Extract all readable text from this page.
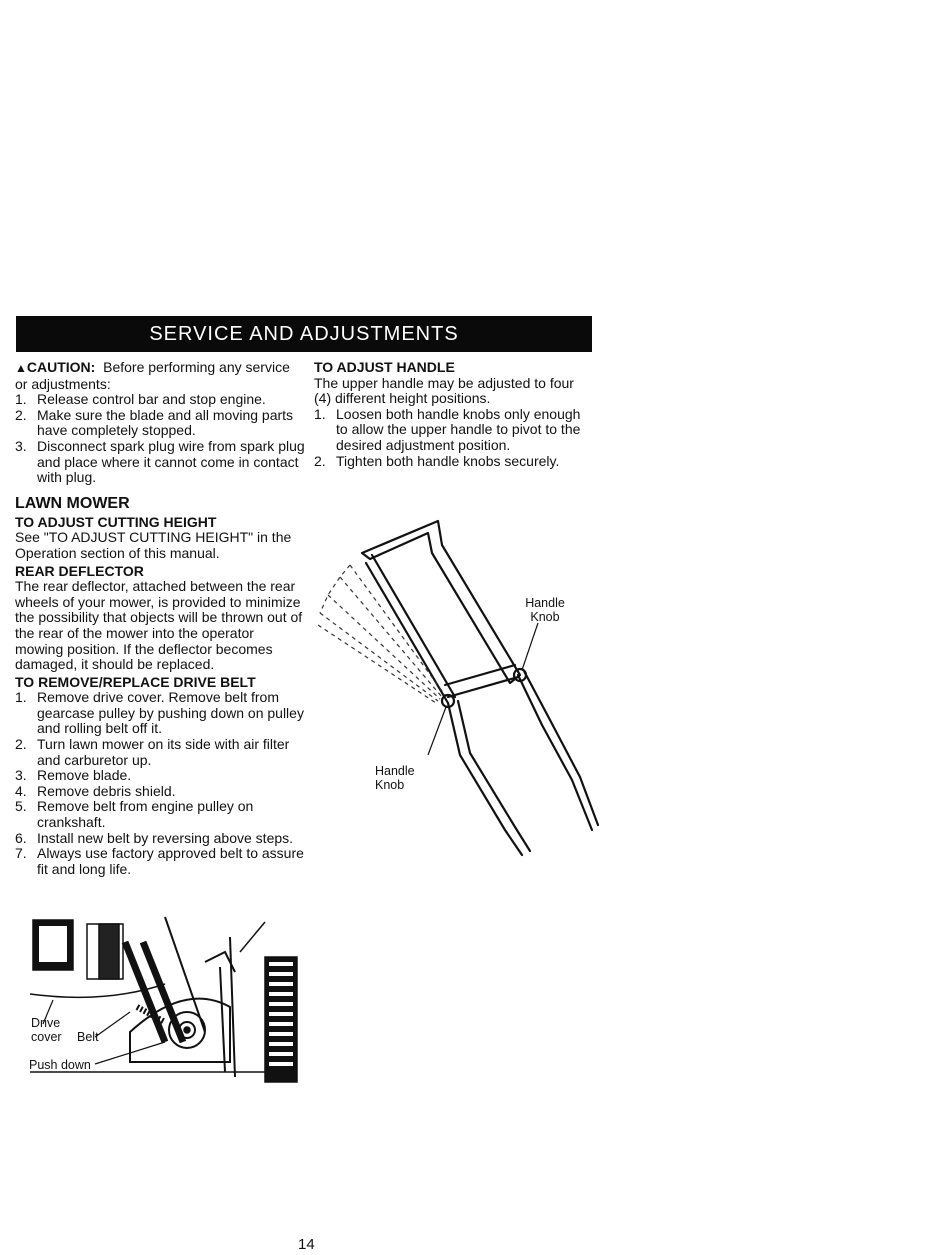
SERVICE AND ADJUSTMENTS

▲CAUTION: Before performing any service or adjustments:

1. Release control bar and stop engine.
2. Make sure the blade and all moving parts have completely stopped.
3. Disconnect spark plug wire from spark plug and place where it cannot come in contact with plug.
LAWN MOWER
TO ADJUST CUTTING HEIGHT

See "TO ADJUST CUTTING HEIGHT" in the Operation section of this manual.

REAR DEFLECTOR

The rear deflector, attached between the rear wheels of your mower, is provided to minimize the possibility that objects will be thrown out of the rear of the mower into the operator mowing position. If the deflector becomes damaged, it should be replaced.

TO REMOVE/REPLACE DRIVE BELT
1. Remove drive cover. Remove belt from gearcase pulley by pushing down on pulley and rolling belt off it.
2. Turn lawn mower on its side with air filter and carburetor up.
3. Remove blade.
4. Remove debris shield.
5. Remove belt from engine pulley on crankshaft.
6. Install new belt by reversing above steps.
7. Always use factory approved belt to assure fit and long life.
TO ADJUST HANDLE

The upper handle may be adjusted to four (4) different height positions.

1. Loosen both handle knobs only enough to allow the upper handle to pivot to the desired adjustment position.
2. Tighten both handle knobs securely.
Handle Knob
Handle Knob
Drive cover	Belt
Push down
14
